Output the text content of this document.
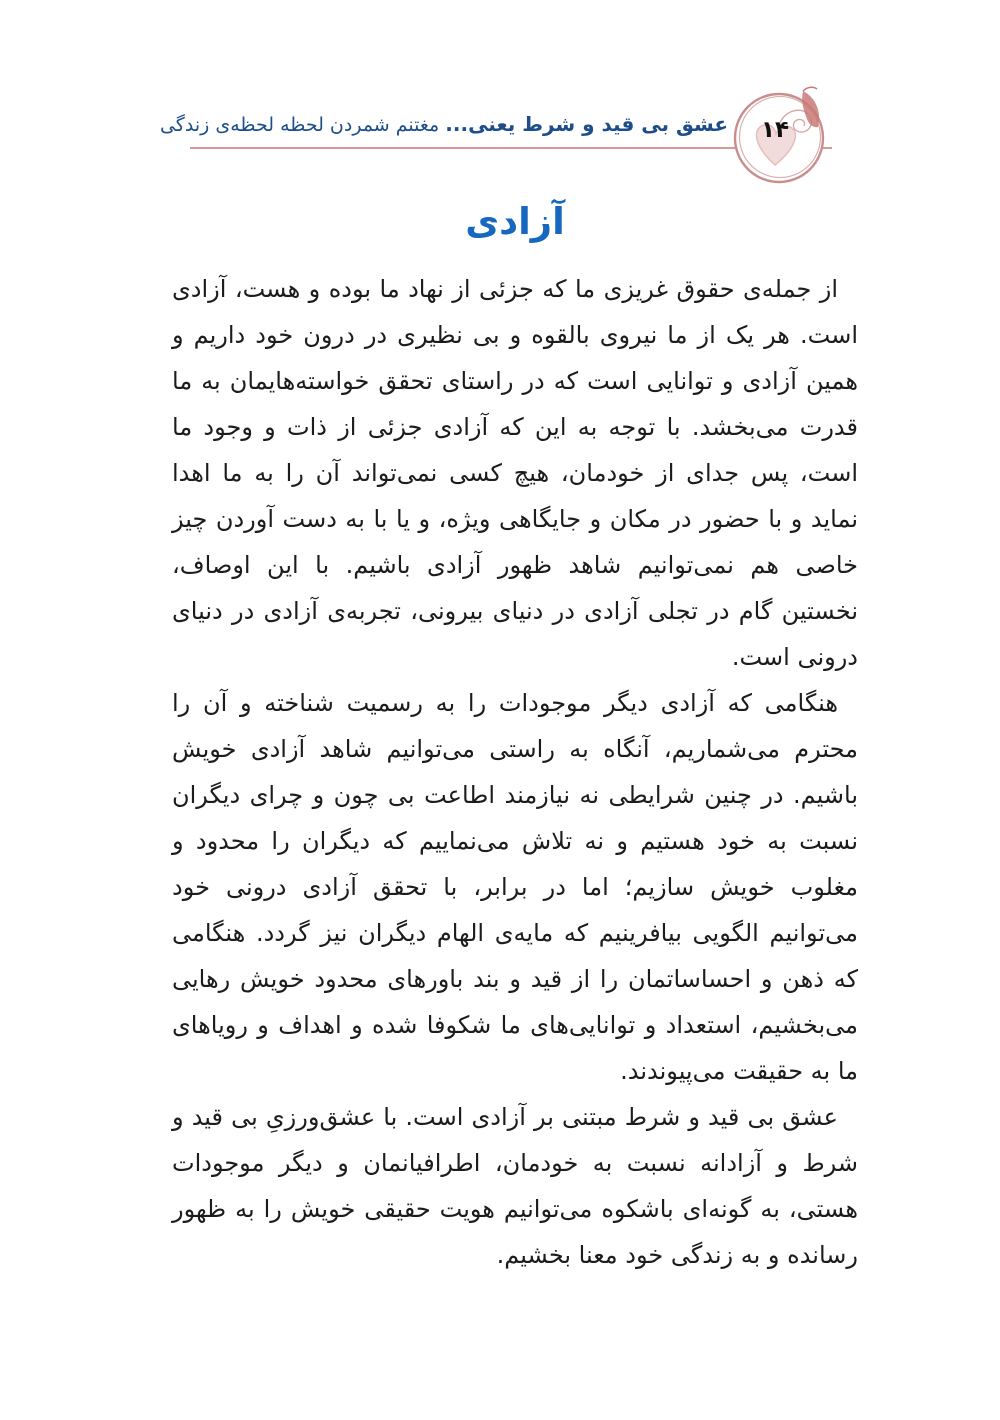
عشق بی قید و شرط یعنی... مغتنم شمردن لحظه لحظه‌ی زندگی	۱۴
آزادی

از جمله‌ی حقوق غریزی ما که جزئی از نهاد ما بوده و هست، آزادی است. هر یک از ما نیروی بالقوه و بی نظیری در درون خود داریم و همین آزادی و توانایی است که در راستای تحقق خواسته‌هایمان به ما قدرت می‌بخشد. با توجه به این که آزادی جزئی از ذات و وجود ما است، پس جدای از خودمان، هیچ کسی نمی‌تواند آن را به ما اهدا نماید و با حضور در مکان و جایگاهی ویژه، و یا با به دست آوردن چیز خاصی هم نمی‌توانیم شاهد ظهور آزادی باشیم. با این اوصاف، نخستین گام در تجلی آزادی در دنیای بیرونی، تجربه‌ی آزادی در دنیای درونی است.

هنگامی که آزادی دیگر موجودات را به رسمیت شناخته و آن را محترم می‌شماریم، آنگاه به راستی می‌توانیم شاهد آزادی خویش باشیم. در چنین شرایطی نه نیازمند اطاعت بی چون و چرای دیگران نسبت به خود هستیم و نه تلاش می‌نماییم که دیگران را محدود و مغلوب خویش سازیم؛ اما در برابر، با تحقق آزادی درونی خود می‌توانیم الگویی بیافرینیم که مایه‌ی الهام دیگران نیز گردد. هنگامی که ذهن و احساساتمان را از قید و بند باورهای محدود خویش رهایی می‌بخشیم، استعداد و توانایی‌های ما شکوفا شده و اهداف و رویاهای ما به حقیقت می‌پیوندند.

عشق بی قید و شرط مبتنی بر آزادی است. با عشق‌ورزیِ بی قید و شرط و آزادانه نسبت به خودمان، اطرافیانمان و دیگر موجودات هستی، به گونه‌ای باشکوه می‌توانیم هویت حقیقی خویش را به ظهور رسانده و به زندگی خود معنا بخشیم.
